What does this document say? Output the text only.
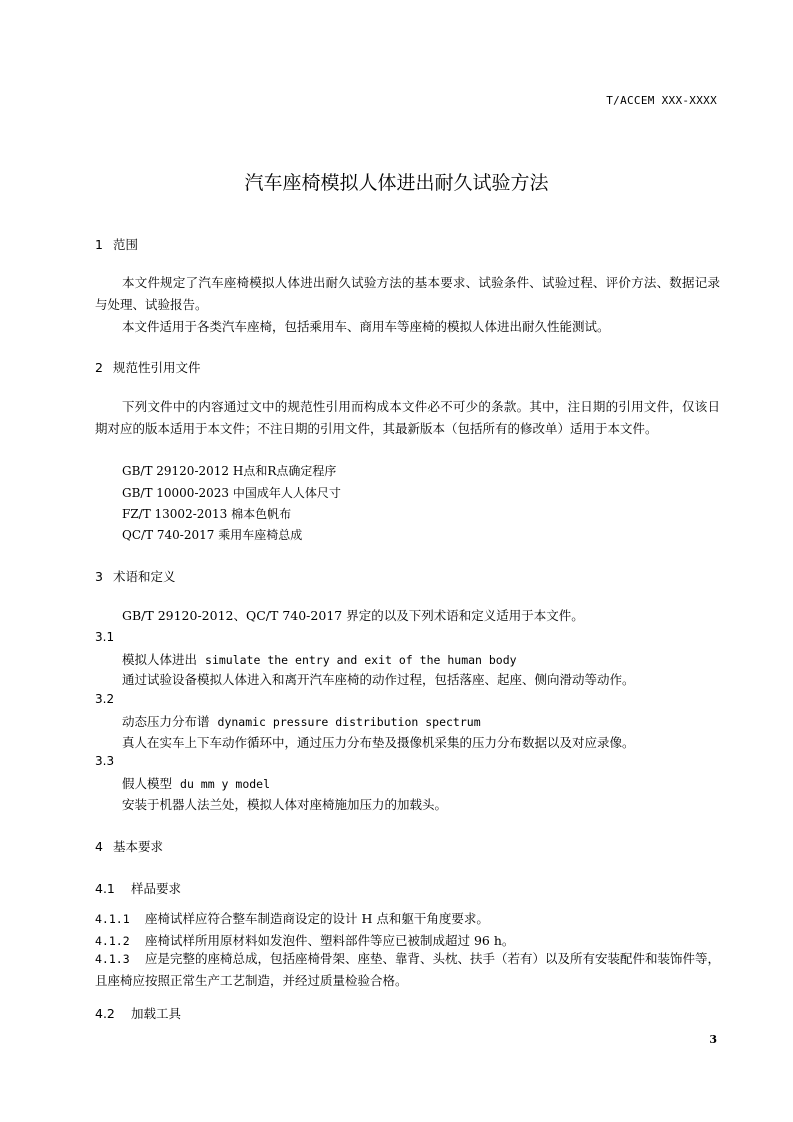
T/ACCEM XXX-XXXX
汽车座椅模拟人体进出耐久试验方法
1 范围
本文件规定了汽车座椅模拟人体进出耐久试验方法的基本要求、试验条件、试验过程、评价方法、数据记录与处理、试验报告。
本文件适用于各类汽车座椅，包括乘用车、商用车等座椅的模拟人体进出耐久性能测试。
2 规范性引用文件
下列文件中的内容通过文中的规范性引用而构成本文件必不可少的条款。其中，注日期的引用文件，仅该日期对应的版本适用于本文件；不注日期的引用文件，其最新版本（包括所有的修改单）适用于本文件。
GB/T 29120-2012 H点和R点确定程序
GB/T 10000-2023 中国成年人人体尺寸
FZ/T 13002-2013 棉本色帆布
QC/T 740-2017 乘用车座椅总成
3 术语和定义
GB/T 29120-2012、QC/T 740-2017 界定的以及下列术语和定义适用于本文件。
3.1
模拟人体进出 simulate the entry and exit of the human body
通过试验设备模拟人体进入和离开汽车座椅的动作过程，包括落座、起座、侧向滑动等动作。
3.2
动态压力分布谱 dynamic pressure distribution spectrum
真人在实车上下车动作循环中，通过压力分布垫及摄像机采集的压力分布数据以及对应录像。
3.3
假人模型 du mm y model
安装于机器人法兰处，模拟人体对座椅施加压力的加载头。
4 基本要求
4.1 样品要求
4.1.1 座椅试样应符合整车制造商设定的设计 H 点和躯干角度要求。
4.1.2 座椅试样所用原材料如发泡件、塑料部件等应已被制成超过 96 h。
4.1.3 应是完整的座椅总成，包括座椅骨架、座垫、靠背、头枕、扶手（若有）以及所有安装配件和装饰件等，且座椅应按照正常生产工艺制造，并经过质量检验合格。
4.2 加载工具
3
